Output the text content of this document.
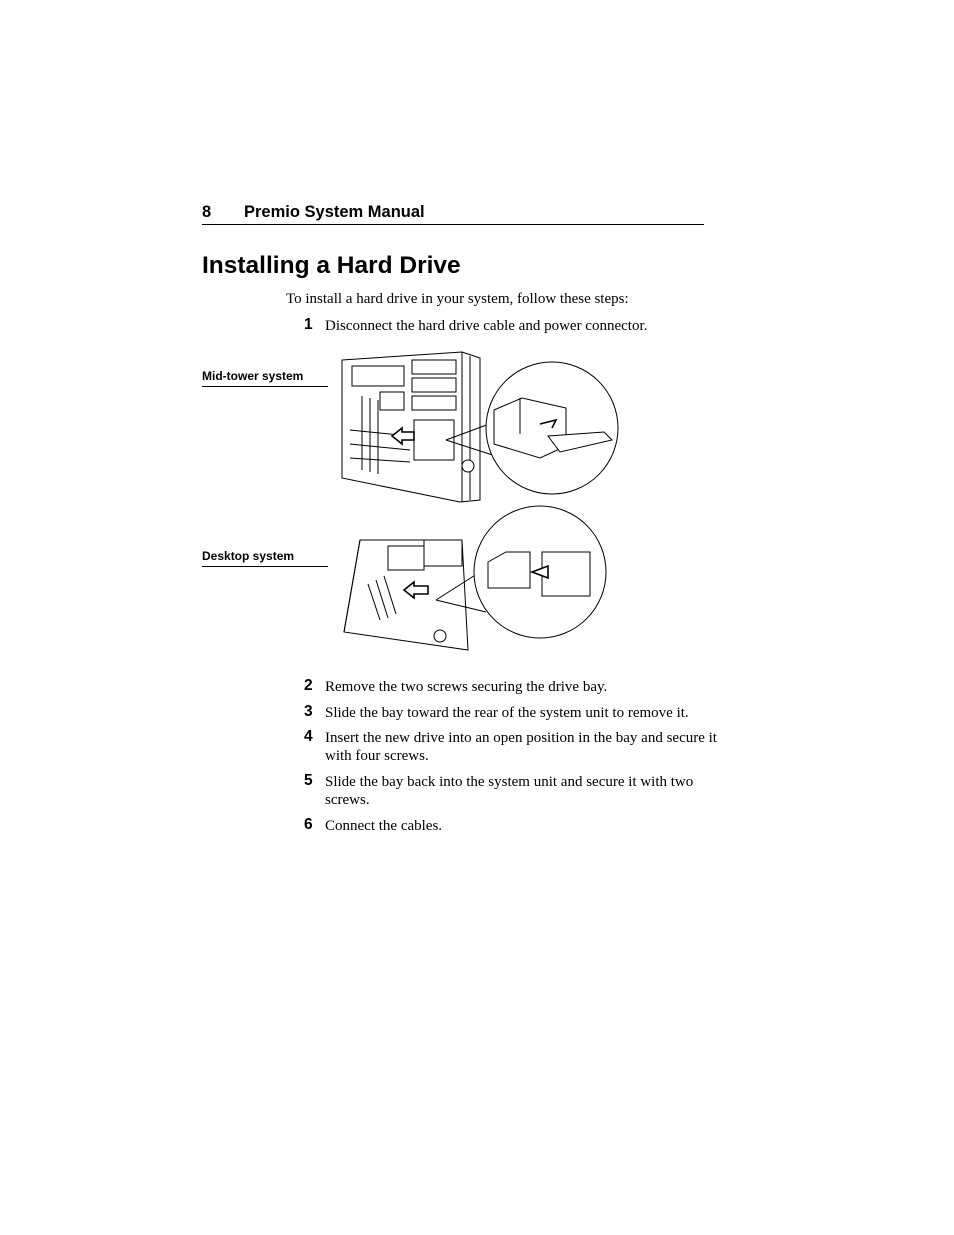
8 Premio System Manual
Installing a Hard Drive

To install a hard drive in your system, follow these steps:

1 Disconnect the hard drive cable and power connector.
Mid-tower system
Desktop system
2 Remove the two screws securing the drive bay.
3 Slide the bay toward the rear of the system unit to remove it.
4 Insert the new drive into an open position in the bay and secure it with four screws.
5 Slide the bay back into the system unit and secure it with two screws.
6 Connect the cables.
